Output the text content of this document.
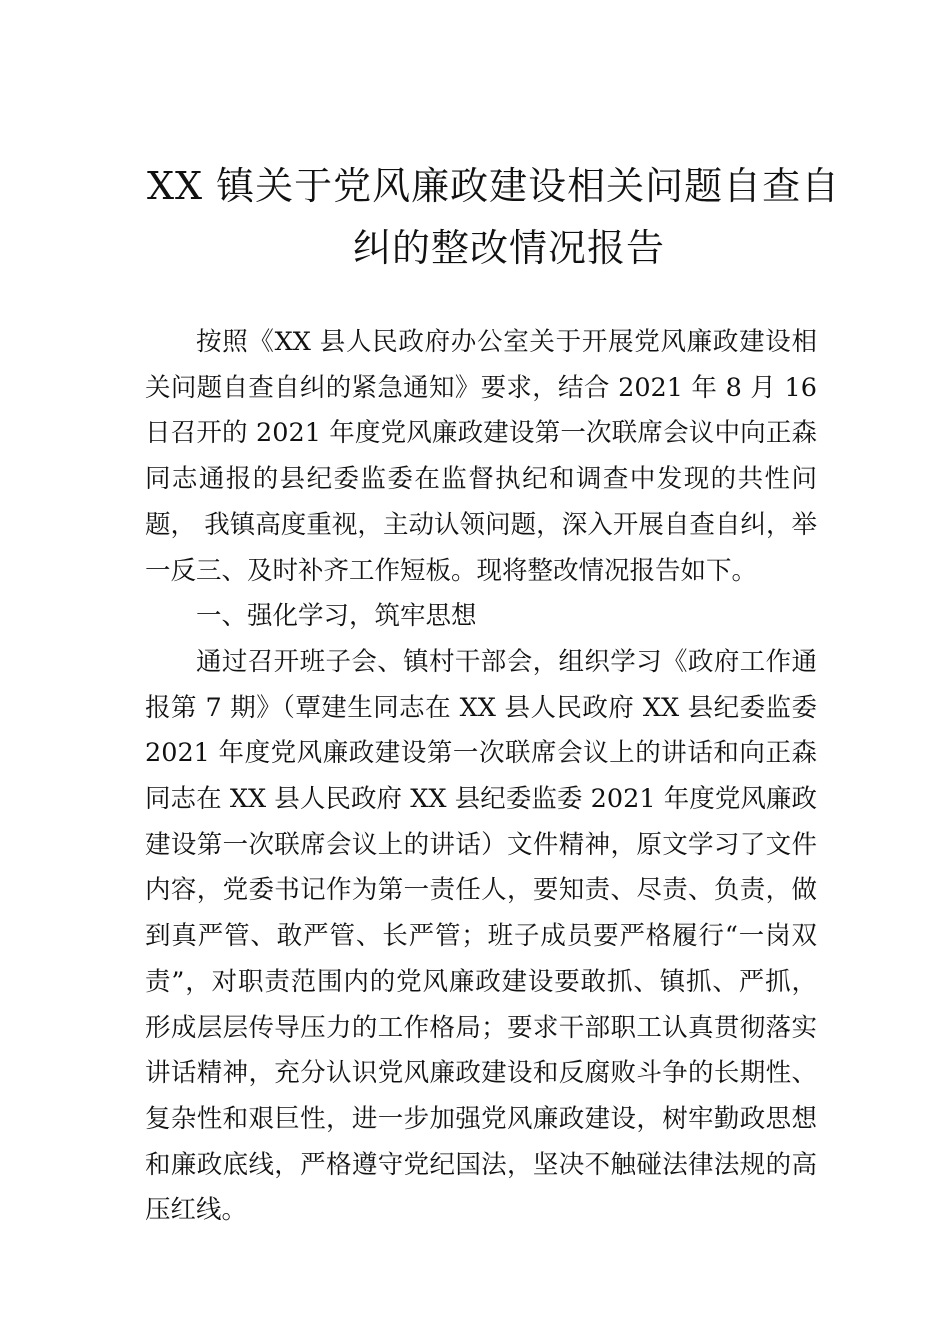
XX 镇关于党风廉政建设相关问题自查自
纠的整改情况报告

按照《XX 县人民政府办公室关于开展党风廉政建设相关问题自查自纠的紧急通知》要求，结合 2021 年 8 月 16 日召开的 2021 年度党风廉政建设第一次联席会议中向正森同志通报的县纪委监委在监督执纪和调查中发现的共性问题， 我镇高度重视，主动认领问题，深入开展自查自纠，举一反三、及时补齐工作短板。现将整改情况报告如下。

一、强化学习，筑牢思想

通过召开班子会、镇村干部会，组织学习《政府工作通报第 7 期》（覃建生同志在 XX 县人民政府 XX 县纪委监委 2021 年度党风廉政建设第一次联席会议上的讲话和向正森同志在 XX 县人民政府 XX 县纪委监委 2021 年度党风廉政建设第一次联席会议上的讲话）文件精神，原文学习了文件内容，党委书记作为第一责任人，要知责、尽责、负责，做到真严管、敢严管、长严管；班子成员要严格履行“一岗双责”，对职责范围内的党风廉政建设要敢抓、镇抓、严抓，形成层层传导压力的工作格局；要求干部职工认真贯彻落实讲话精神，充分认识党风廉政建设和反腐败斗争的长期性、复杂性和艰巨性，进一步加强党风廉政建设，树牢勤政思想和廉政底线，严格遵守党纪国法，坚决不触碰法律法规的高压红线。
